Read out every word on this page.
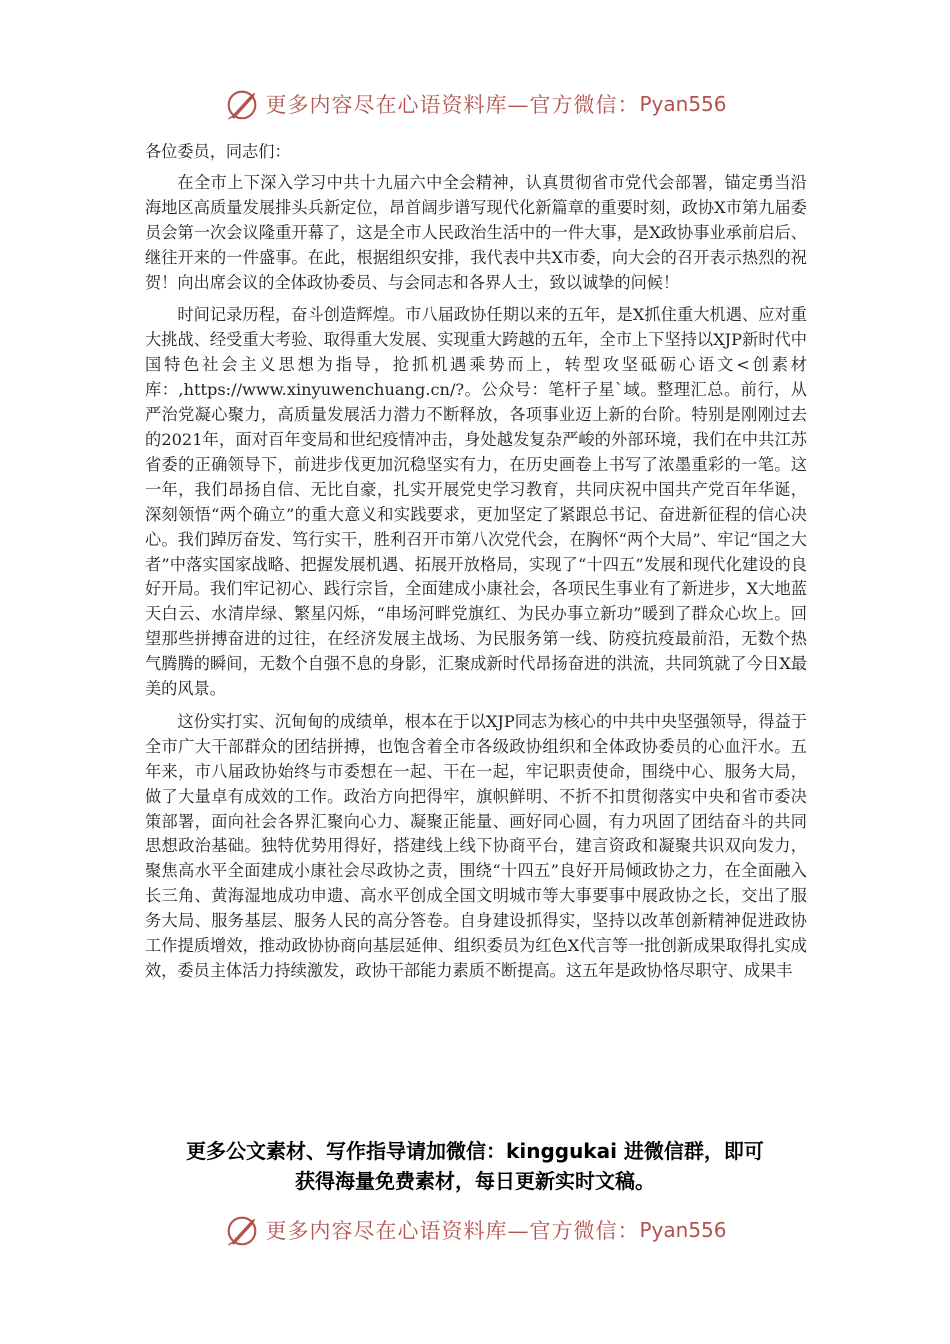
更多内容尽在心语资料库—官方微信： Pyan556

各位委员，同志们：

在全市上下深入学习中共十九届六中全会精神，认真贯彻省市党代会部署，锚定勇当沿海地区高质量发展排头兵新定位，昂首阔步谱写现代化新篇章的重要时刻，政协X市第九届委员会第一次会议隆重开幕了，这是全市人民政治生活中的一件大事，是X政协事业承前启后、继往开来的一件盛事。在此，根据组织安排，我代表中共X市委，向大会的召开表示热烈的祝贺！向出席会议的全体政协委员、与会同志和各界人士，致以诚挚的问候！

时间记录历程，奋斗创造辉煌。市八届政协任期以来的五年，是X抓住重大机遇、应对重大挑战、经受重大考验、取得重大发展、实现重大跨越的五年，全市上下坚持以XJP新时代中国特色社会主义思想为指导，抢抓机遇乘势而上，转型攻坚砥砺心语文<创素材库：,https://www.xinyuwenchuang.cn/?。公众号：笔杆子星`域。整理汇总。前行，从严治党凝心聚力，高质量发展活力潜力不断释放，各项事业迈上新的台阶。特别是刚刚过去的2021年，面对百年变局和世纪疫情冲击，身处越发复杂严峻的外部环境，我们在中共江苏省委的正确领导下，前进步伐更加沉稳坚实有力，在历史画卷上书写了浓墨重彩的一笔。这一年，我们昂扬自信、无比自豪，扎实开展党史学习教育，共同庆祝中国共产党百年华诞，深刻领悟“两个确立”的重大意义和实践要求，更加坚定了紧跟总书记、奋进新征程的信心决心。我们踔厉奋发、笃行实干，胜利召开市第八次党代会，在胸怀“两个大局”、牢记“国之大者”中落实国家战略、把握发展机遇、拓展开放格局，实现了“十四五”发展和现代化建设的良好开局。我们牢记初心、践行宗旨，全面建成小康社会，各项民生事业有了新进步，X大地蓝天白云、水清岸绿、繁星闪烁，“串场河畔党旗红、为民办事立新功”暖到了群众心坎上。回望那些拼搏奋进的过往，在经济发展主战场、为民服务第一线、防疫抗疫最前沿，无数个热气腾腾的瞬间，无数个自强不息的身影，汇聚成新时代昂扬奋进的洪流，共同筑就了今日X最美的风景。

这份实打实、沉甸甸的成绩单，根本在于以XJP同志为核心的中共中央坚强领导，得益于全市广大干部群众的团结拼搏，也饱含着全市各级政协组织和全体政协委员的心血汗水。五年来，市八届政协始终与市委想在一起、干在一起，牢记职责使命，围绕中心、服务大局，做了大量卓有成效的工作。政治方向把得牢，旗帜鲜明、不折不扣贯彻落实中央和省市委决策部署，面向社会各界汇聚向心力、凝聚正能量、画好同心圆，有力巩固了团结奋斗的共同思想政治基础。独特优势用得好，搭建线上线下协商平台，建言资政和凝聚共识双向发力，聚焦高水平全面建成小康社会尽政协之责，围绕“十四五”良好开局倾政协之力，在全面融入长三角、黄海湿地成功申遗、高水平创成全国文明城市等大事要事中展政协之长，交出了服务大局、服务基层、服务人民的高分答卷。自身建设抓得实，坚持以改革创新精神促进政协工作提质增效，推动政协协商向基层延伸、组织委员为红色X代言等一批创新成果取得扎实成效，委员主体活力持续激发，政协干部能力素质不断提高。这五年是政协恪尽职守、成果丰

更多公文素材、写作指导请加微信：kinggukai 进微信群，即可
获得海量免费素材，每日更新实时文稿。
更多内容尽在心语资料库—官方微信： Pyan556
